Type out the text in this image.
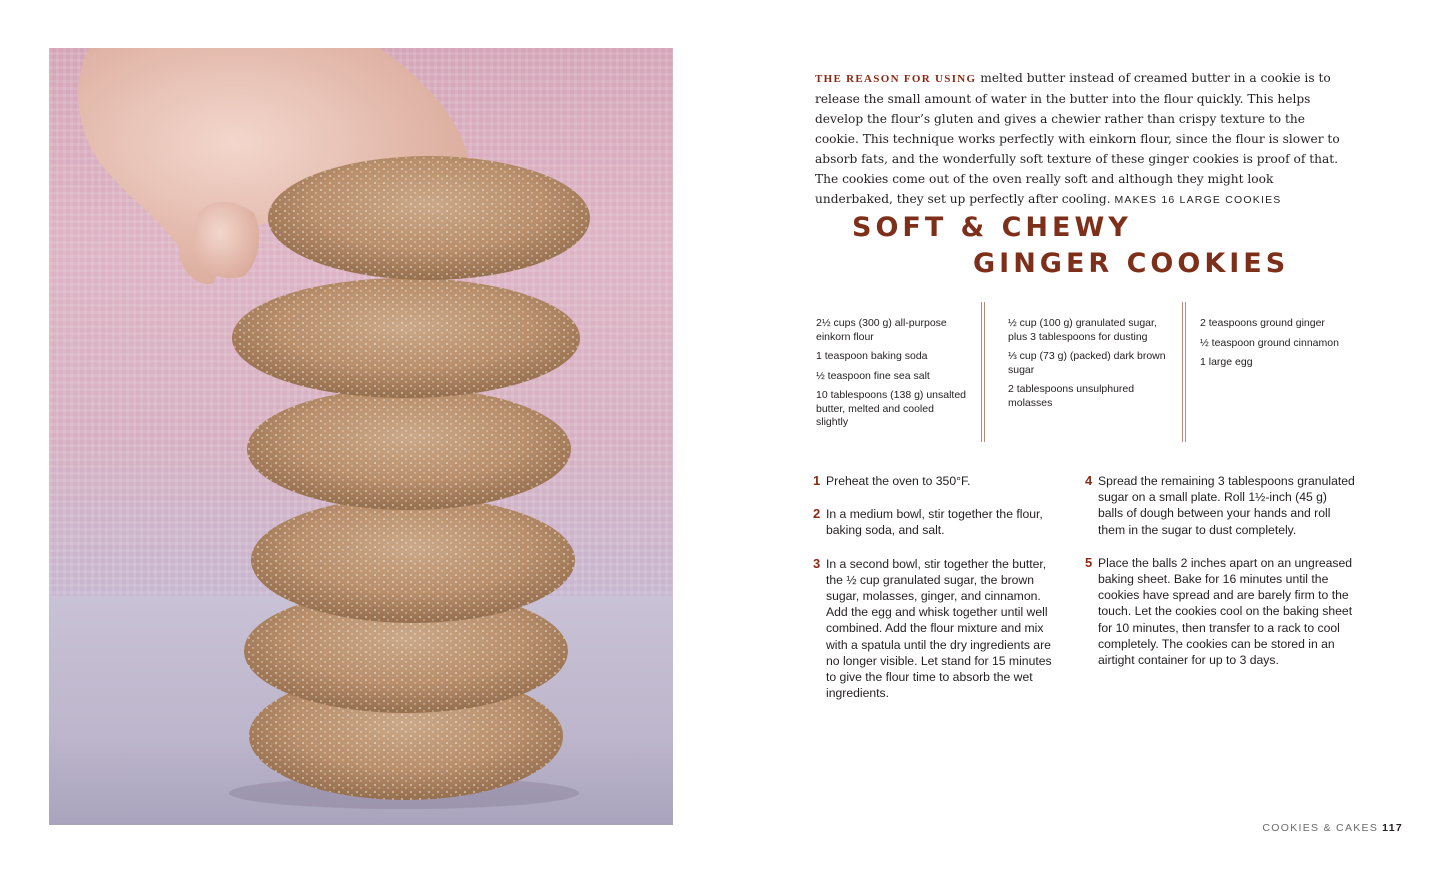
THE REASON FOR USING melted butter instead of creamed butter in a cookie is to release the small amount of water in the butter into the flour quickly. This helps develop the flour’s gluten and gives a chewier rather than crispy texture to the cookie. This technique works perfectly with einkorn flour, since the flour is slower to absorb fats, and the wonderfully soft texture of these ginger cookies is proof of that. The cookies come out of the oven really soft and although they might look underbaked, they set up perfectly after cooling. MAKES 16 LARGE COOKIES
SOFT & CHEWY
GINGER COOKIES
2½ cups (300 g) all-purpose einkorn flour
1 teaspoon baking soda
½ teaspoon fine sea salt
10 tablespoons (138 g) unsalted butter, melted and cooled slightly
½ cup (100 g) granulated sugar, plus 3 tablespoons for dusting
⅓ cup (73 g) (packed) dark brown sugar
2 tablespoons unsulphured molasses
2 teaspoons ground ginger
½ teaspoon ground cinnamon
1 large egg
1 Preheat the oven to 350°F.
2 In a medium bowl, stir together the flour, baking soda, and salt.
3 In a second bowl, stir together the butter, the ½ cup granulated sugar, the brown sugar, molasses, ginger, and cinnamon. Add the egg and whisk together until well combined. Add the flour mixture and mix with a spatula until the dry ingredients are no longer visible. Let stand for 15 minutes to give the flour time to absorb the wet ingredients.
4 Spread the remaining 3 tablespoons granulated sugar on a small plate. Roll 1½-inch (45 g) balls of dough between your hands and roll them in the sugar to dust completely.
5 Place the balls 2 inches apart on an ungreased baking sheet. Bake for 16 minutes until the cookies have spread and are barely firm to the touch. Let the cookies cool on the baking sheet for 10 minutes, then transfer to a rack to cool completely. The cookies can be stored in an airtight container for up to 3 days.
COOKIES & CAKES 117
